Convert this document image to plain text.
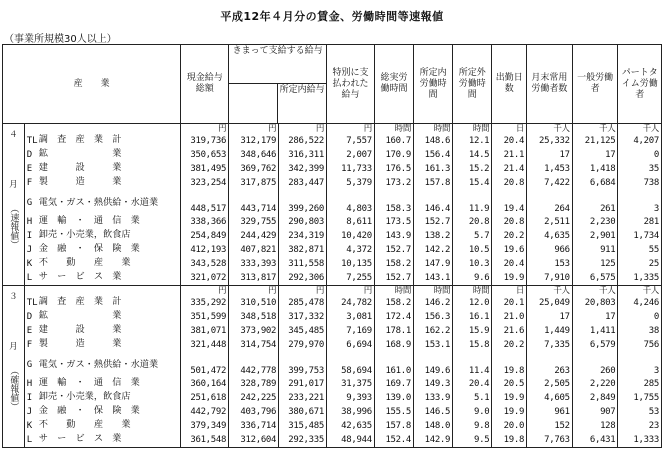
平成12年４月分の賃金、労働時間等速報値
（事業所規模30人以上）
産　　業		現金給与総額	きまって支給する給与
所定内給与		特別に支払われた給与	総実労働時間	所定内労働時間	所定外労働時間	出勤日数	月末常用労働者数	一般労働者	パートタイム労働者

４
月
（速報値）		円	円	円	円	時間	時間	時間	日	千人	千人	千人
	TL調　査　産　業　計	319,736	312,179	286,522	7,557	160.7	148.6	12.1	20.4	25,332	21,125	4,207
	D 鉱　　　　　　　業	350,653	348,646	316,311	2,007	170.9	156.4	14.5	21.1	17	17	0
	E 建　　　設　　　業	381,495	369,762	342,399	11,733	176.5	161.3	15.2	21.4	1,453	1,418	35
	F 製　　　造　　　業	323,254	317,875	283,447	5,379	173.2	157.8	15.4	20.8	7,422	6,684	738
	G 電気・ガス・熱供給・水道業	448,517	443,714	399,260	4,803	158.3	146.4	11.9	19.4	264	261	3
	H 運　輸　・　通　信　業	338,366	329,755	290,803	8,611	173.5	152.7	20.8	20.8	2,511	2,230	281
	I 卸売・小売業，飲食店	254,849	244,429	234,319	10,420	143.9	138.2	5.7	20.2	4,635	2,901	1,734
	J 金　融　・　保　険　業	412,193	407,821	382,871	4,372	152.7	142.2	10.5	19.6	966	911	55
	K 不　　動　　産　　業	343,528	333,393	311,558	10,135	158.2	147.9	10.3	20.4	153	125	25
	L サ　ー　ビ　ス　業	321,072	313,817	292,306	7,255	152.7	143.1	9.6	19.9	7,910	6,575	1,335

３
月
（確報値）		円	円	円	円	時間	時間	時間	日	千人	千人	千人
	TL調　査　産　業　計	335,292	310,510	285,478	24,782	158.2	146.2	12.0	20.1	25,049	20,803	4,246
	D 鉱　　　　　　　業	351,599	348,518	317,332	3,081	172.4	156.3	16.1	21.0	17	17	0
	E 建　　　設　　　業	381,071	373,902	345,485	7,169	178.1	162.2	15.9	21.6	1,449	1,411	38
	F 製　　　造　　　業	321,448	314,754	279,970	6,694	168.9	153.1	15.8	20.2	7,335	6,579	756
	G 電気・ガス・熱供給・水道業	501,472	442,778	399,753	58,694	161.0	149.6	11.4	19.8	263	260	3
	H 運　輸　・　通　信　業	360,164	328,789	291,017	31,375	169.7	149.3	20.4	20.5	2,505	2,220	285
	I 卸売・小売業，飲食店	251,618	242,225	233,221	9,393	139.0	133.9	5.1	19.9	4,605	2,849	1,755
	J 金　融　・　保　険　業	442,792	403,796	380,671	38,996	155.5	146.5	9.0	19.9	961	907	53
	K 不　　動　　産　　業	379,349	336,714	315,485	42,635	157.8	148.0	9.8	20.0	152	128	23
	L サ　ー　ビ　ス　業	361,548	312,604	292,335	48,944	152.4	142.9	9.5	19.8	7,763	6,431	1,333
